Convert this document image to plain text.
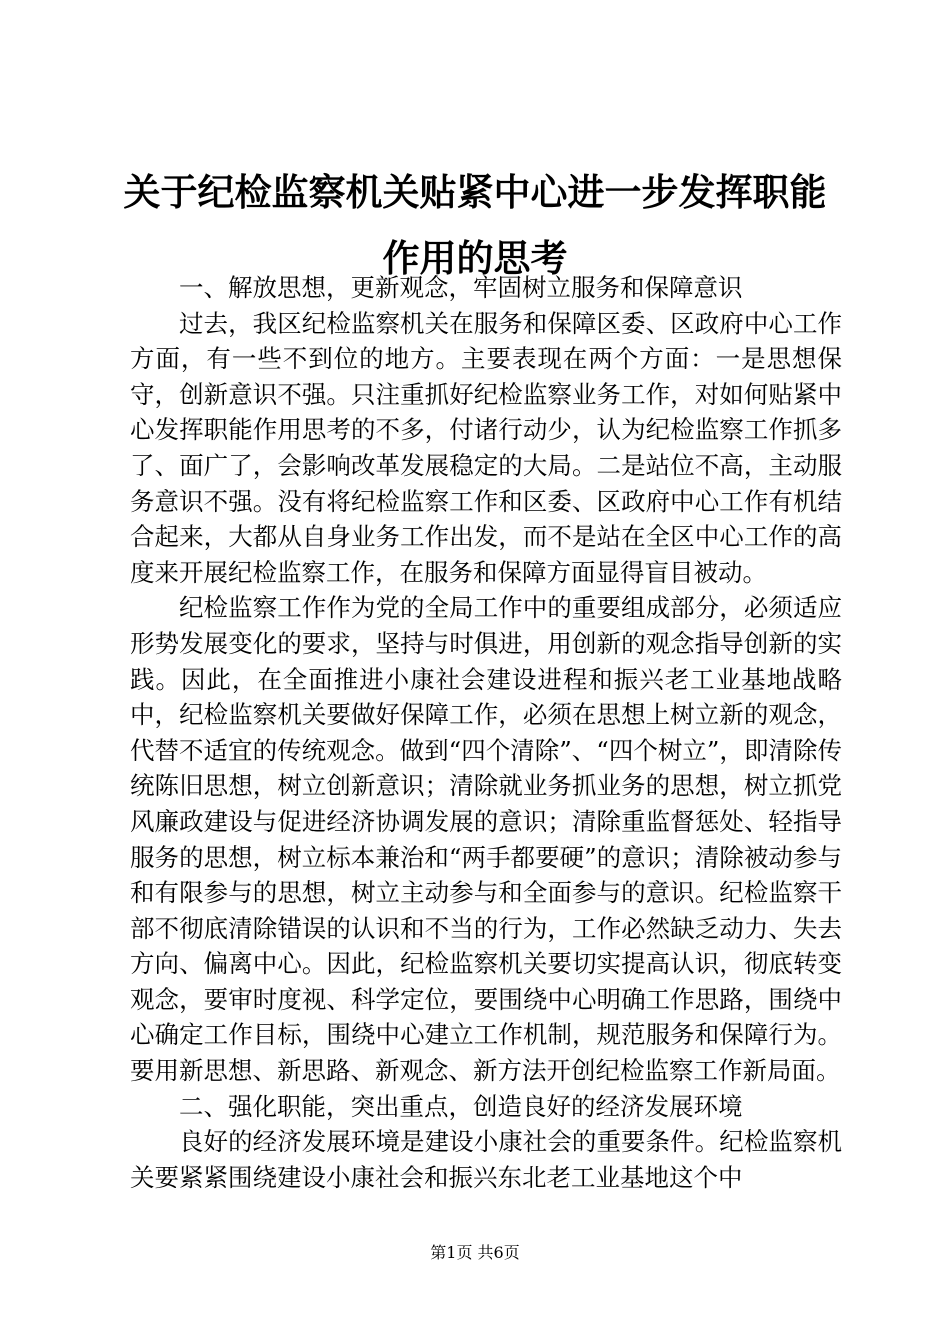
关于纪检监察机关贴紧中心进一步发挥职能作用的思考

一、解放思想，更新观念，牢固树立服务和保障意识

过去，我区纪检监察机关在服务和保障区委、区政府中心工作方面，有一些不到位的地方。主要表现在两个方面：一是思想保守，创新意识不强。只注重抓好纪检监察业务工作，对如何贴紧中心发挥职能作用思考的不多，付诸行动少，认为纪检监察工作抓多了、面广了，会影响改革发展稳定的大局。二是站位不高，主动服务意识不强。没有将纪检监察工作和区委、区政府中心工作有机结合起来，大都从自身业务工作出发，而不是站在全区中心工作的高度来开展纪检监察工作，在服务和保障方面显得盲目被动。

纪检监察工作作为党的全局工作中的重要组成部分，必须适应形势发展变化的要求，坚持与时俱进，用创新的观念指导创新的实践。因此，在全面推进小康社会建设进程和振兴老工业基地战略中，纪检监察机关要做好保障工作，必须在思想上树立新的观念，代替不适宜的传统观念。做到“四个清除”、“四个树立”，即清除传统陈旧思想，树立创新意识；清除就业务抓业务的思想，树立抓党风廉政建设与促进经济协调发展的意识；清除重监督惩处、轻指导服务的思想，树立标本兼治和“两手都要硬”的意识；清除被动参与和有限参与的思想，树立主动参与和全面参与的意识。纪检监察干部不彻底清除错误的认识和不当的行为，工作必然缺乏动力、失去方向、偏离中心。因此，纪检监察机关要切实提高认识，彻底转变观念，要审时度视、科学定位，要围绕中心明确工作思路，围绕中心确定工作目标，围绕中心建立工作机制，规范服务和保障行为。要用新思想、新思路、新观念、新方法开创纪检监察工作新局面。

二、强化职能，突出重点，创造良好的经济发展环境

良好的经济发展环境是建设小康社会的重要条件。纪检监察机关要紧紧围绕建设小康社会和振兴东北老工业基地这个中

第1页 共6页
